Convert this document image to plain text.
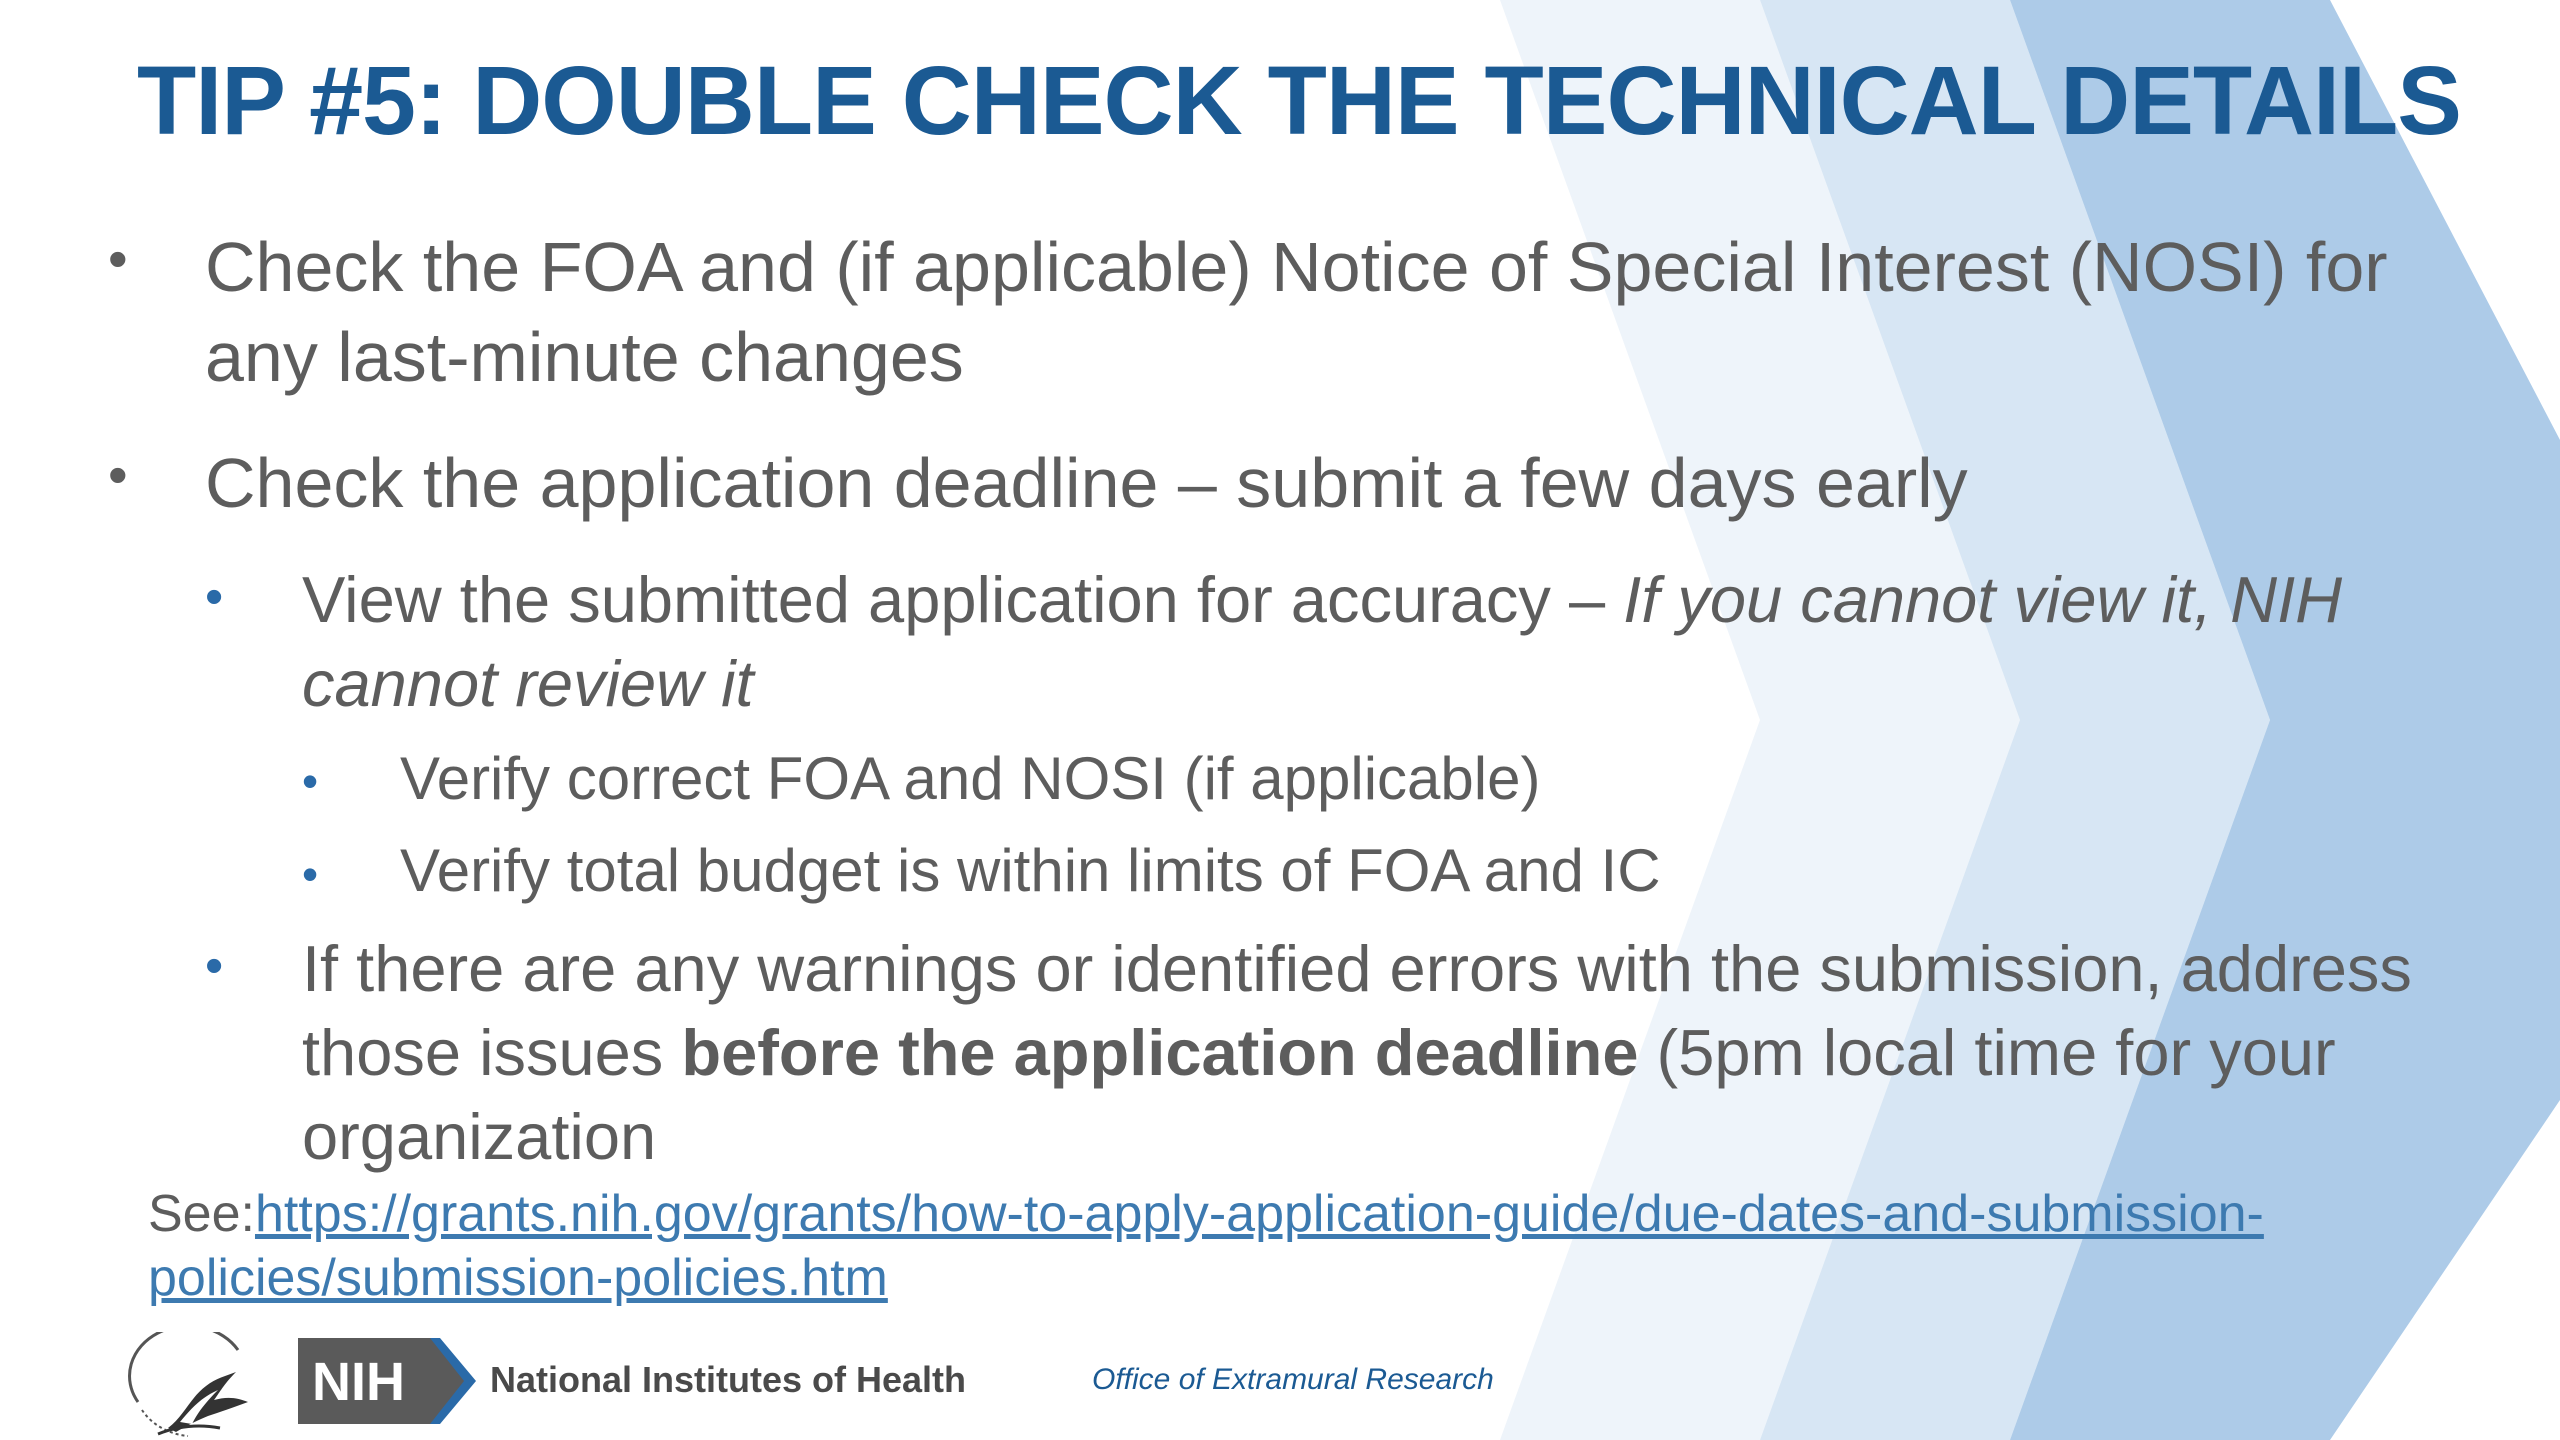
TIP #5: DOUBLE CHECK THE TECHNICAL DETAILS
• Check the FOA and (if applicable) Notice of Special Interest (NOSI) for any last-minute changes

• Check the application deadline – submit a few days early

• View the submitted application for accuracy – If you cannot view it, NIH cannot review it

• Verify correct FOA and NOSI (if applicable)

• Verify total budget is within limits of FOA and IC

• If there are any warnings or identified errors with the submission, address those issues before the application deadline (5pm local time for your organization

See:https://grants.nih.gov/grants/how-to-apply-application-guide/due-dates-and-submission-policies/submission-policies.htm

NIH National Institutes of Health	Office of Extramural Research
